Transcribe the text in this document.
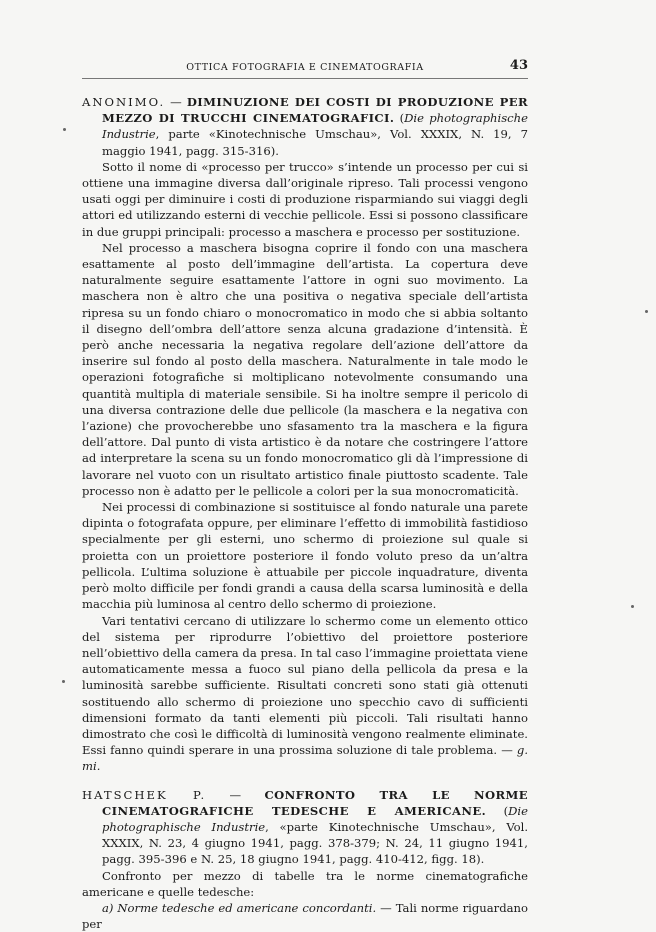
OTTICA FOTOGRAFIA E CINEMATOGRAFIA	43

ANONIMO. — DIMINUZIONE DEI COSTI DI PRODUZIONE PER MEZZO DI TRUCCHI CINEMATOGRAFICI. (Die photographische Industrie, parte «Kinotechnische Umschau», Vol. XXXIX, N. 19, 7 maggio 1941, pagg. 315-316).

Sotto il nome di «processo per trucco» s’intende un processo per cui si ottiene una immagine diversa dall’originale ripreso. Tali processi vengono usati oggi per diminuire i costi di produzione risparmiando sui viaggi degli attori ed utilizzando esterni di vecchie pellicole. Essi si possono classificare in due gruppi principali: processo a maschera e processo per sostituzione.

Nel processo a maschera bisogna coprire il fondo con una maschera esattamente al posto dell’immagine dell’artista. La copertura deve naturalmente seguire esattamente l’attore in ogni suo movimento. La maschera non è altro che una positiva o negativa speciale dell’artista ripresa su un fondo chiaro o monocromatico in modo che si abbia soltanto il disegno dell’ombra dell’attore senza alcuna gradazione d’intensità. È però anche necessaria la negativa regolare dell’azione dell’attore da inserire sul fondo al posto della maschera. Naturalmente in tale modo le operazioni fotografiche si moltiplicano notevolmente consumando una quantità multipla di materiale sensibile. Si ha inoltre sempre il pericolo di una diversa contrazione delle due pellicole (la maschera e la negativa con l’azione) che provocherebbe uno sfasamento tra la maschera e la figura dell’attore. Dal punto di vista artistico è da notare che costringere l’attore ad interpretare la scena su un fondo monocromatico gli dà l’impressione di lavorare nel vuoto con un risultato artistico finale piuttosto scadente. Tale processo non è adatto per le pellicole a colori per la sua monocromaticità.

Nei processi di combinazione si sostituisce al fondo naturale una parete dipinta o fotografata oppure, per eliminare l’effetto di immobilità fastidioso specialmente per gli esterni, uno schermo di proiezione sul quale si proietta con un proiettore posteriore il fondo voluto preso da un’altra pellicola. L’ultima soluzione è attuabile per piccole inquadrature, diventa però molto difficile per fondi grandi a causa della scarsa luminosità e della macchia più luminosa al centro dello schermo di proiezione.

Vari tentativi cercano di utilizzare lo schermo come un elemento ottico del sistema per riprodurre l’obiettivo del proiettore posteriore nell’obiettivo della camera da presa. In tal caso l’immagine proiettata viene automaticamente messa a fuoco sul piano della pellicola da presa e la luminosità sarebbe sufficiente. Risultati concreti sono stati già ottenuti sostituendo allo schermo di proiezione uno specchio cavo di sufficienti dimensioni formato da tanti elementi più piccoli. Tali risultati hanno dimostrato che così le difficoltà di luminosità vengono realmente eliminate. Essi fanno quindi sperare in una prossima soluzione di tale problema. — g. mi.

HATSCHEK P. — CONFRONTO TRA LE NORME CINEMATOGRAFICHE TEDESCHE E AMERICANE. (Die photographische Industrie, «parte Kinotechnische Umschau», Vol. XXXIX, N. 23, 4 giugno 1941, pagg. 378-379; N. 24, 11 giugno 1941, pagg. 395-396 e N. 25, 18 giugno 1941, pagg. 410-412, figg. 18).

Confronto per mezzo di tabelle tra le norme cinematografiche americane e quelle tedesche:

a) Norme tedesche ed americane concordanti. — Tali norme riguardano per
